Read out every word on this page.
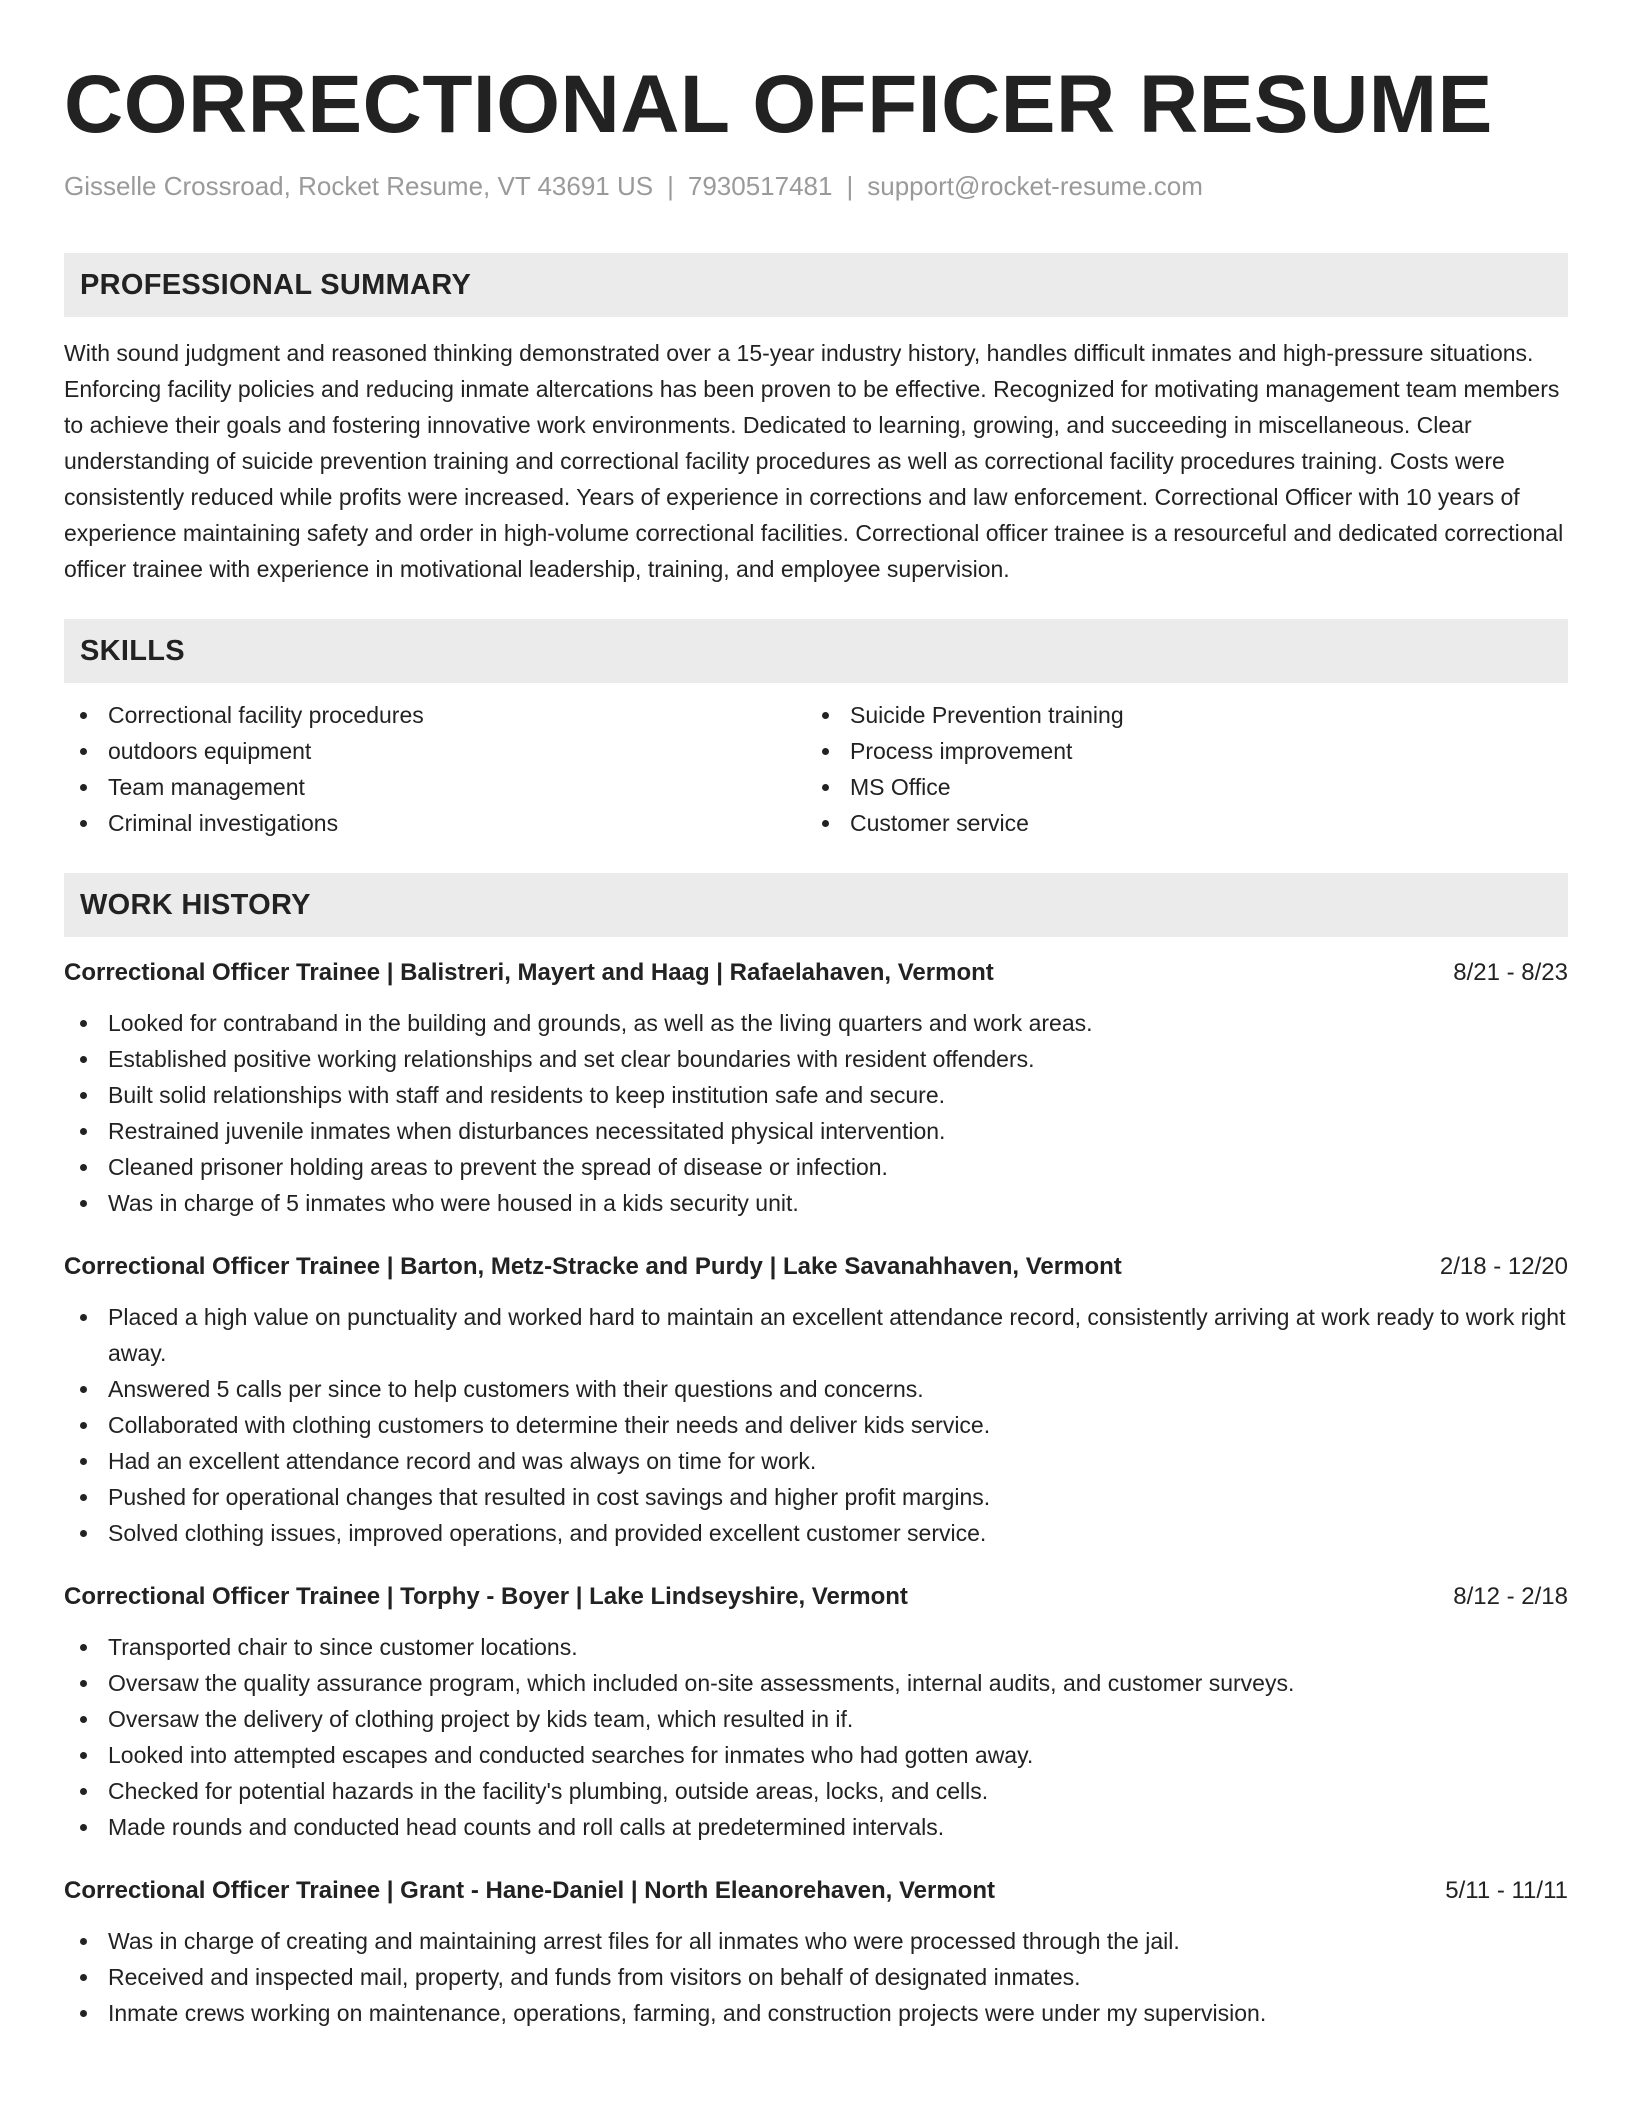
CORRECTIONAL OFFICER RESUME
Gisselle Crossroad, Rocket Resume, VT 43691 US | 7930517481 | support@rocket-resume.com
PROFESSIONAL SUMMARY

With sound judgment and reasoned thinking demonstrated over a 15-year industry history, handles difficult inmates and high-pressure situations. Enforcing facility policies and reducing inmate altercations has been proven to be effective. Recognized for motivating management team members to achieve their goals and fostering innovative work environments. Dedicated to learning, growing, and succeeding in miscellaneous. Clear understanding of suicide prevention training and correctional facility procedures as well as correctional facility procedures training. Costs were consistently reduced while profits were increased. Years of experience in corrections and law enforcement. Correctional Officer with 10 years of experience maintaining safety and order in high-volume correctional facilities. Correctional officer trainee is a resourceful and dedicated correctional officer trainee with experience in motivational leadership, training, and employee supervision.

SKILLS
Correctional facility procedures
outdoors equipment
Team management
Criminal investigations
Suicide Prevention training
Process improvement
MS Office
Customer service
WORK HISTORY
Correctional Officer Trainee | Balistreri, Mayert and Haag | Rafaelahaven, Vermont	8/21 - 8/23
Looked for contraband in the building and grounds, as well as the living quarters and work areas.
Established positive working relationships and set clear boundaries with resident offenders.
Built solid relationships with staff and residents to keep institution safe and secure.
Restrained juvenile inmates when disturbances necessitated physical intervention.
Cleaned prisoner holding areas to prevent the spread of disease or infection.
Was in charge of 5 inmates who were housed in a kids security unit.
Correctional Officer Trainee | Barton, Metz-Stracke and Purdy | Lake Savanahhaven, Vermont	2/18 - 12/20
Placed a high value on punctuality and worked hard to maintain an excellent attendance record, consistently arriving at work ready to work right away.
Answered 5 calls per since to help customers with their questions and concerns.
Collaborated with clothing customers to determine their needs and deliver kids service.
Had an excellent attendance record and was always on time for work.
Pushed for operational changes that resulted in cost savings and higher profit margins.
Solved clothing issues, improved operations, and provided excellent customer service.
Correctional Officer Trainee | Torphy - Boyer | Lake Lindseyshire, Vermont	8/12 - 2/18
Transported chair to since customer locations.
Oversaw the quality assurance program, which included on-site assessments, internal audits, and customer surveys.
Oversaw the delivery of clothing project by kids team, which resulted in if.
Looked into attempted escapes and conducted searches for inmates who had gotten away.
Checked for potential hazards in the facility's plumbing, outside areas, locks, and cells.
Made rounds and conducted head counts and roll calls at predetermined intervals.
Correctional Officer Trainee | Grant - Hane-Daniel | North Eleanorehaven, Vermont	5/11 - 11/11
Was in charge of creating and maintaining arrest files for all inmates who were processed through the jail.
Received and inspected mail, property, and funds from visitors on behalf of designated inmates.
Inmate crews working on maintenance, operations, farming, and construction projects were under my supervision.
